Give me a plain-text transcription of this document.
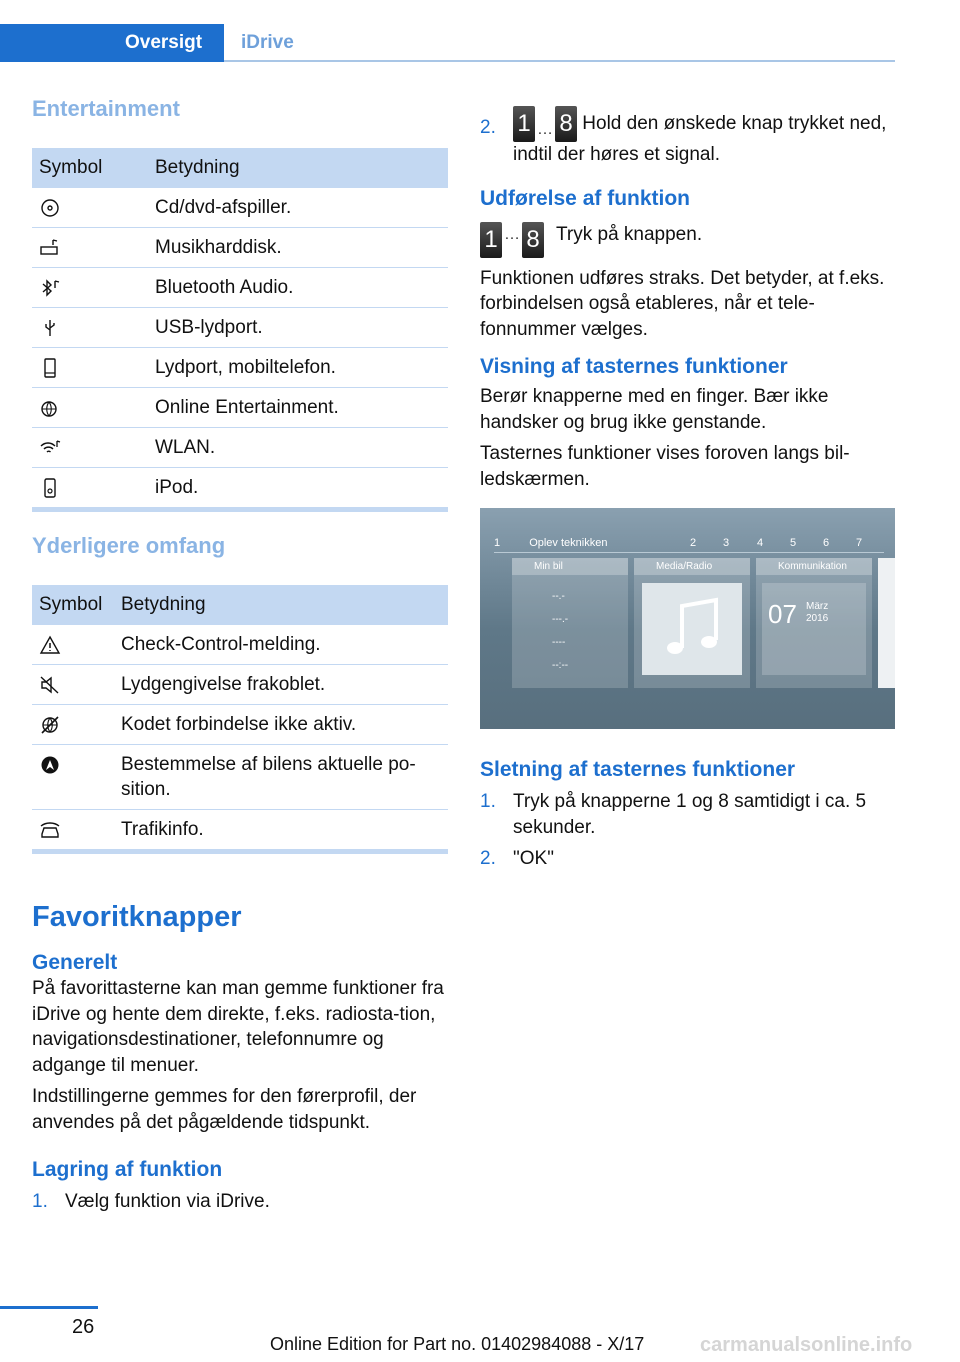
Oversigt	iDrive
Entertainment
Symbol	Betydning
	Cd/dvd-afspiller.
	Musikharddisk.
	Bluetooth Audio.
	USB-lydport.
	Lydport, mobiltelefon.
	Online Entertainment.
	WLAN.
	iPod.
Yderligere omfang
Symbol	Betydning
	Check-Control-melding.
	Lydgengivelse frakoblet.
	Kodet forbindelse ikke aktiv.
	Bestemmelse af bilens aktuelle po-
sition.
	Trafikinfo.
Favoritknapper
Generelt

På favorittasterne kan man gemme funktioner fra iDrive og hente dem direkte, f.eks. radiosta-tion, navigationsdestinationer, telefonnumre og adgange til menuer.

Indstillingerne gemmes for den førerprofil, der anvendes på det pågældende tidspunkt.

Lagring af funktion
1. Vælg funktion via iDrive.
2. 1 … 8 Hold den ønskede knap trykket ned, indtil der høres et signal.
Udførelse af funktion
1 … 8 Tryk på knappen.

Funktionen udføres straks. Det betyder, at f.eks. forbindelsen også etableres, når et tele-fonnummer vælges.

Visning af tasternes funktioner

Berør knapperne med en finger. Bær ikke handsker og brug ikke genstande.

Tasternes funktioner vises foroven langs bil-ledskærmen.

1	Oplev teknikken	2 3	4 5 6 7
Min bil
--.-
---.-
----
--:--
Media/Radio	Kommunikation
07 März
2016
Sletning af tasternes funktioner
1. Tryk på knapperne 1 og 8 samtidigt i ca. 5 sekunder.
2. "OK"
26
Online Edition for Part no. 01402984088 - X/17	carmanualsonline.info
